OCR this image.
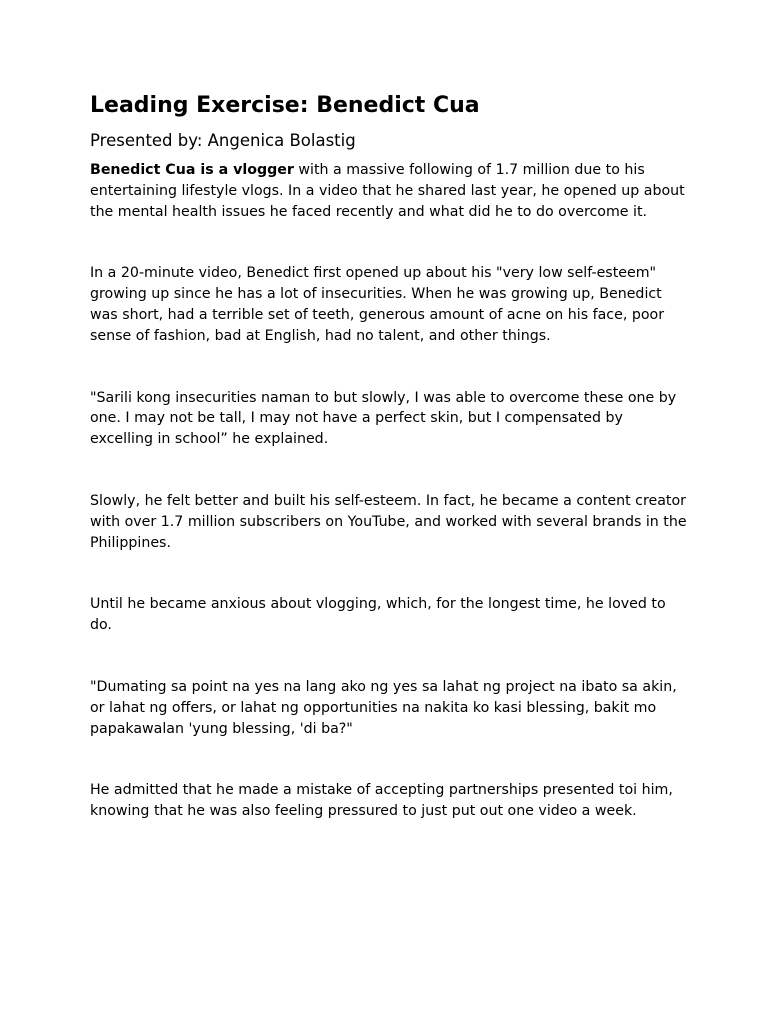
Leading Exercise: Benedict Cua

Presented by: Angenica Bolastig

Benedict Cua is a vlogger with a massive following of 1.7 million due to his entertaining lifestyle vlogs. In a video that he shared last year, he opened up about the mental health issues he faced recently and what did he to do overcome it.

In a 20-minute video, Benedict first opened up about his "very low self-esteem" growing up since he has a lot of insecurities. When he was growing up, Benedict was short, had a terrible set of teeth, generous amount of acne on his face, poor sense of fashion, bad at English, had no talent, and other things.

"Sarili kong insecurities naman to but slowly, I was able to overcome these one by one. I may not be tall, I may not have a perfect skin, but I compensated by excelling in school” he explained.

Slowly, he felt better and built his self-esteem. In fact, he became a content creator with over 1.7 million subscribers on YouTube, and worked with several brands in the Philippines.

Until he became anxious about vlogging, which, for the longest time, he loved to do.

"Dumating sa point na yes na lang ako ng yes sa lahat ng project na ibato sa akin, or lahat ng offers, or lahat ng opportunities na nakita ko kasi blessing, bakit mo papakawalan 'yung blessing, 'di ba?"

He admitted that he made a mistake of accepting partnerships presented toi him, knowing that he was also feeling pressured to just put out one video a week.
